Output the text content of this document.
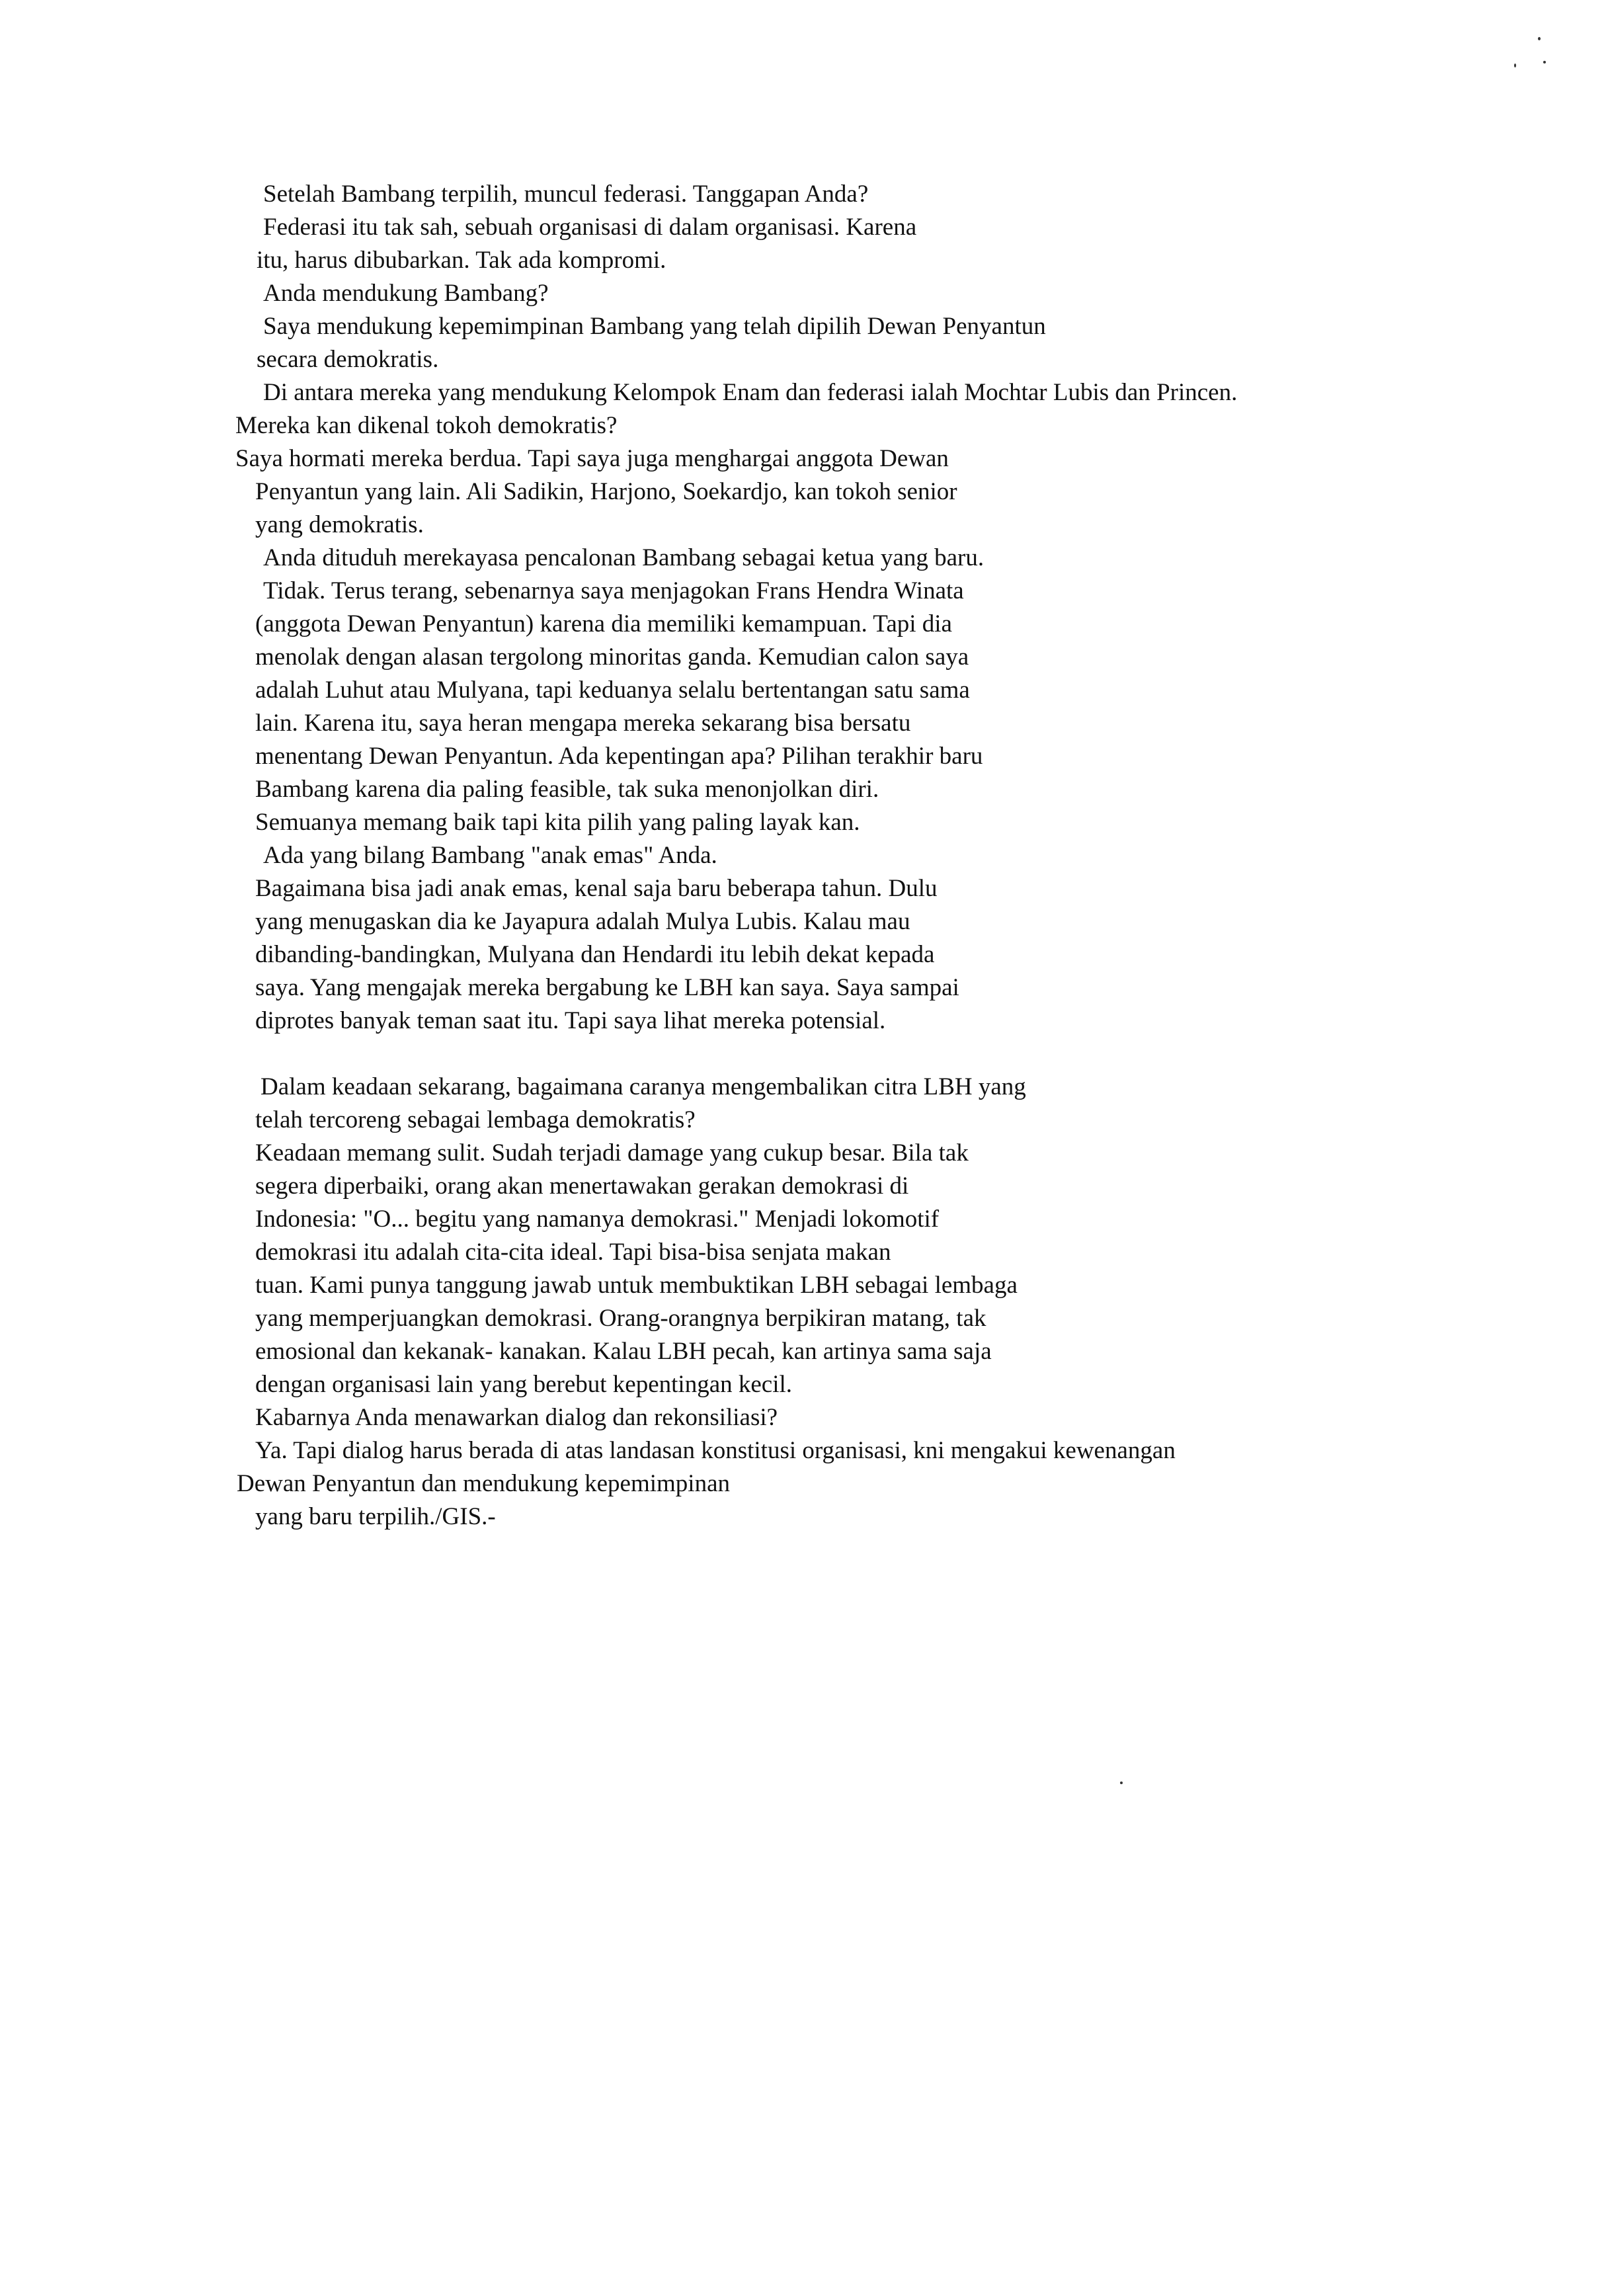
Setelah Bambang terpilih, muncul federasi. Tanggapan Anda?
Federasi itu tak sah, sebuah organisasi di dalam organisasi. Karena
itu, harus dibubarkan. Tak ada kompromi.
Anda mendukung Bambang?
Saya mendukung kepemimpinan Bambang yang telah dipilih Dewan Penyantun
secara demokratis.
Di antara mereka yang mendukung Kelompok Enam dan federasi ialah Mochtar Lubis dan Princen.
Mereka kan dikenal tokoh demokratis?
Saya hormati mereka berdua. Tapi saya juga menghargai anggota Dewan
Penyantun yang lain. Ali Sadikin, Harjono, Soekardjo, kan tokoh senior
yang demokratis.
Anda dituduh merekayasa pencalonan Bambang sebagai ketua yang baru.
Tidak. Terus terang, sebenarnya saya menjagokan Frans Hendra Winata
(anggota Dewan Penyantun) karena dia memiliki kemampuan. Tapi dia
menolak dengan alasan tergolong minoritas ganda. Kemudian calon saya
adalah Luhut atau Mulyana, tapi keduanya selalu bertentangan satu sama
lain. Karena itu, saya heran mengapa mereka sekarang bisa bersatu
menentang Dewan Penyantun. Ada kepentingan apa? Pilihan terakhir baru
Bambang karena dia paling feasible, tak suka menonjolkan diri.
Semuanya memang baik tapi kita pilih yang paling layak kan.
Ada yang bilang Bambang "anak emas" Anda.
Bagaimana bisa jadi anak emas, kenal saja baru beberapa tahun. Dulu
yang menugaskan dia ke Jayapura adalah Mulya Lubis. Kalau mau
dibanding-bandingkan, Mulyana dan Hendardi itu lebih dekat kepada
saya. Yang mengajak mereka bergabung ke LBH kan saya. Saya sampai
diprotes banyak teman saat itu. Tapi saya lihat mereka potensial.
Dalam keadaan sekarang, bagaimana caranya mengembalikan citra LBH yang
telah tercoreng sebagai lembaga demokratis?
Keadaan memang sulit. Sudah terjadi damage yang cukup besar. Bila tak
segera diperbaiki, orang akan menertawakan gerakan demokrasi di
Indonesia: "O... begitu yang namanya demokrasi." Menjadi lokomotif
demokrasi itu adalah cita-cita ideal. Tapi bisa-bisa senjata makan
tuan. Kami punya tanggung jawab untuk membuktikan LBH sebagai lembaga
yang memperjuangkan demokrasi. Orang-orangnya berpikiran matang, tak
emosional dan kekanak- kanakan. Kalau LBH pecah, kan artinya sama saja
dengan organisasi lain yang berebut kepentingan kecil.
Kabarnya Anda menawarkan dialog dan rekonsiliasi?
Ya. Tapi dialog harus berada di atas landasan konstitusi organisasi, kni mengakui kewenangan
Dewan Penyantun dan mendukung kepemimpinan
yang baru terpilih./GIS.-
